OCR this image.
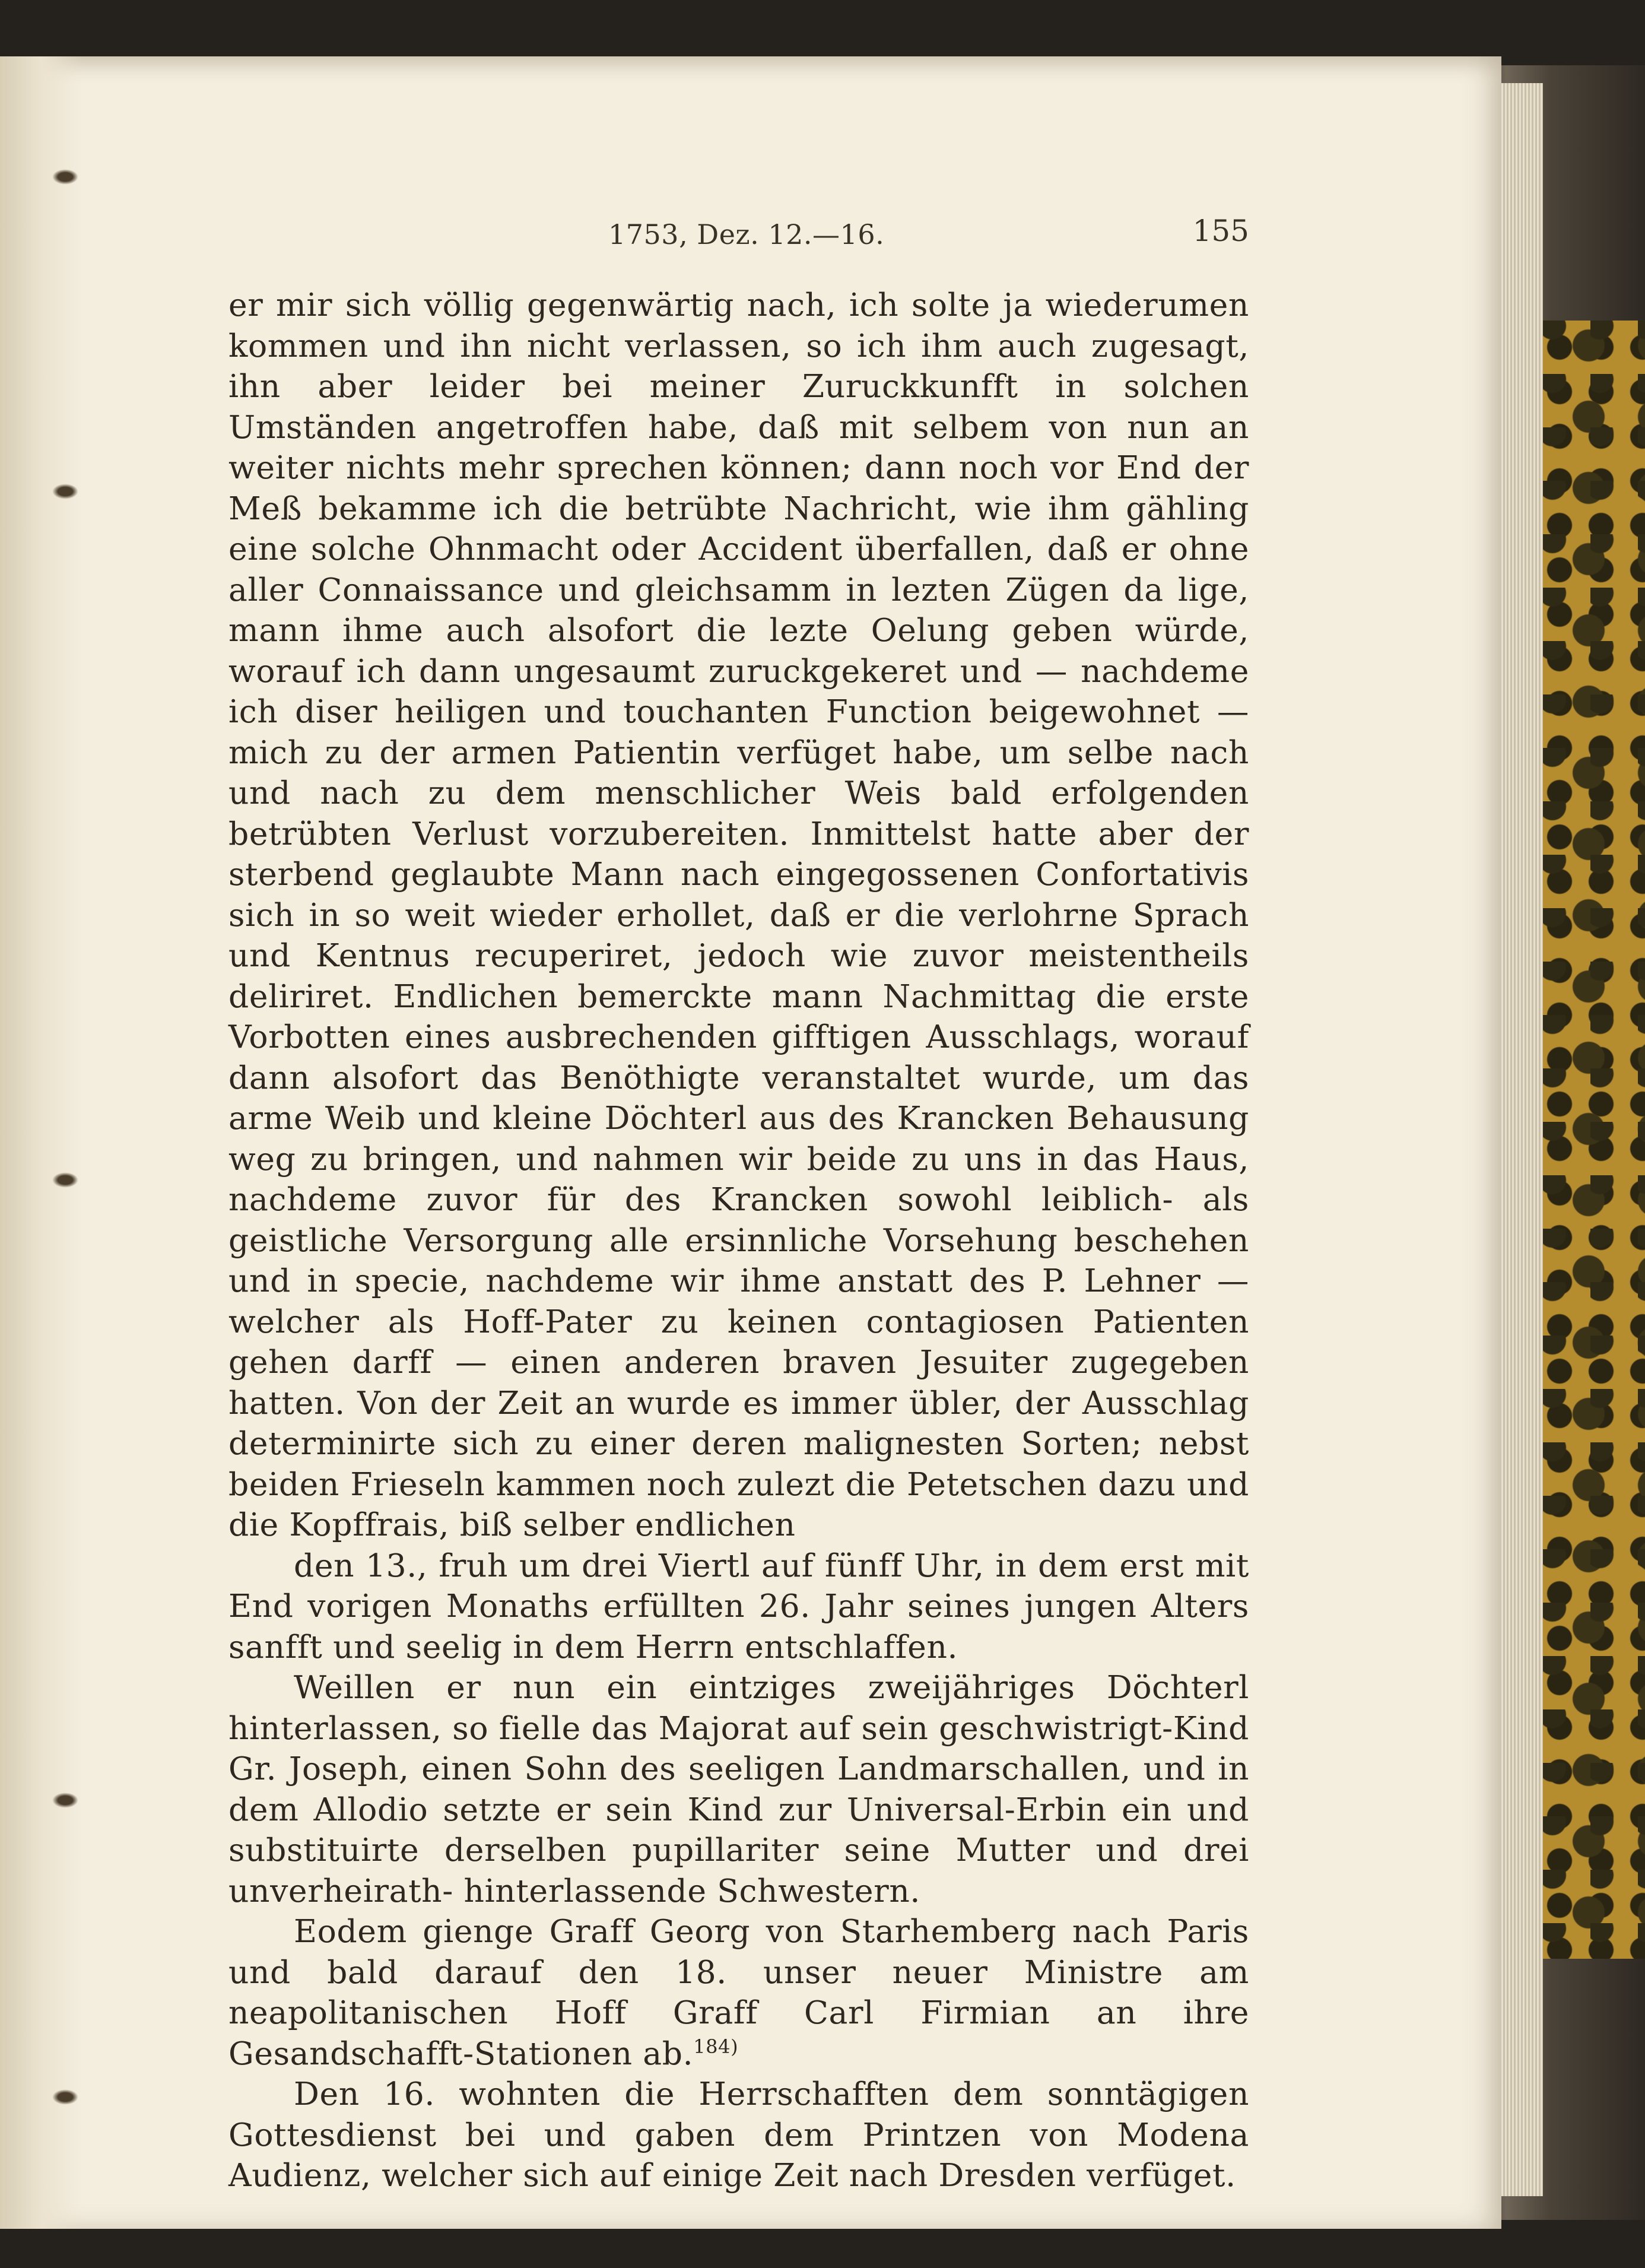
1753, Dez. 12.—16.	155

er mir sich völlig gegenwärtig nach, ich solte ja wiederumen kommen und ihn nicht verlassen, so ich ihm auch zugesagt, ihn aber leider bei meiner Zuruckkunfft in solchen Umständen angetroffen habe, daß mit selbem von nun an weiter nichts mehr sprechen können; dann noch vor End der Meß bekamme ich die betrübte Nachricht, wie ihm gähling eine solche Ohnmacht oder Accident überfallen, daß er ohne aller Connaissance und gleichsamm in lezten Zügen da lige, mann ihme auch alsofort die lezte Oelung geben würde, worauf ich dann ungesaumt zuruckgekeret und — nachdeme ich diser heiligen und touchanten Function beigewohnet — mich zu der armen Patientin verfüget habe, um selbe nach und nach zu dem menschlicher Weis bald erfolgenden betrübten Verlust vorzubereiten. Inmittelst hatte aber der sterbend geglaubte Mann nach eingegossenen Confortativis sich in so weit wieder erhollet, daß er die verlohrne Sprach und Kentnus recuperiret, jedoch wie zuvor meistentheils deliriret. Endlichen bemerckte mann Nachmittag die erste Vorbotten eines ausbrechenden gifftigen Ausschlags, worauf dann alsofort das Benöthigte veranstaltet wurde, um das arme Weib und kleine Döchterl aus des Krancken Behausung weg zu bringen, und nahmen wir beide zu uns in das Haus, nachdeme zuvor für des Krancken sowohl leiblich- als geistliche Versorgung alle ersinnliche Vorsehung beschehen und in specie, nachdeme wir ihme anstatt des P. Lehner — welcher als Hoff-Pater zu keinen contagiosen Patienten gehen darff — einen anderen braven Jesuiter zugegeben hatten. Von der Zeit an wurde es immer übler, der Ausschlag determinirte sich zu einer deren malignesten Sorten; nebst beiden Frieseln kammen noch zulezt die Petetschen dazu und die Kopffrais, biß selber endlichen

den 13., fruh um drei Viertl auf fünff Uhr, in dem erst mit End vorigen Monaths erfüllten 26. Jahr seines jungen Alters sanfft und seelig in dem Herrn entschlaffen.

Weillen er nun ein eintziges zweijähriges Döchterl hinterlassen, so fielle das Majorat auf sein geschwistrigt-Kind Gr. Joseph, einen Sohn des seeligen Landmarschallen, und in dem Allodio setzte er sein Kind zur Universal-Erbin ein und substituirte derselben pupillariter seine Mutter und drei unverheirath- hinterlassende Schwestern.

Eodem gienge Graff Georg von Starhemberg nach Paris und bald darauf den 18. unser neuer Ministre am neapolitanischen Hoff Graff Carl Firmian an ihre Gesandschafft-Stationen ab.$^{184)}$

Den 16. wohnten die Herrschafften dem sonntägigen Gottesdienst bei und gaben dem Printzen von Modena Audienz, welcher sich auf einige Zeit nach Dresden verfüget.
